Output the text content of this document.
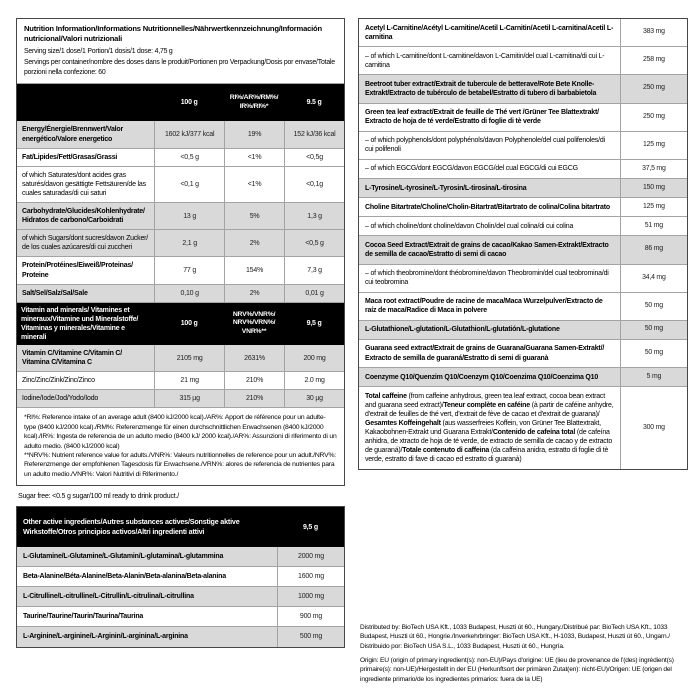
Nutrition Information/​Informations Nutritionnelles/​Nährwertkennzeichnung/​Información nutricional/​Valori nutrizionali
Serving size/​1 dose/​1 Portion/​1 dosis/​1 dose: 4,75 g
Servings per container/​nombre des doses dans le produit/​Portionen pro Verpackung/​Dosis por envase/​Totale porzioni nella confezione: 60
100 g
RI%/​AR%/​RM%/​IR%/​RI%*
9.5 g
Energy/​Énergie/​Brennwert/​Valor energético/​Valore energetico
1602 kJ/​377 kcal	19%	152 kJ/​36 kcal
Fat/​Lipides/​Fett/​Grasas/​Grassi	<0,5 g	<1%	<0,5g
of which Saturates/​dont acides gras saturés/​davon gesättigte Fettsäuren/​de las cuales saturadas/​di cui saturi
<0,1 g	<1%	<0,1g
Carbohydrate/​Glucides/​Kohlenhydrate/​Hidratos de carbono/​Carboidrati
13 g	5%	1,3 g
of which Sugars/​dont sucres/​davon Zucker/​de los cuales azúcares/​di cui zuccheri
2,1 g	2%	<0,5 g
Protein/​Protéines/​Eiweiß/​Proteinas/​Proteine
77 g	154%	7,3 g
Salt/​Sel/​Salz/​Sal/​Sale	0,10 g	2%	0,01 g
Vitamin and minerals/​ Vitamines et mineraux/​Vitamine und Mineralstoffe/​Vitaminas y minerales/​Vitamine e minerali
100 g
NRV%/​VNR%/​NRV%/​VRN%/​VNR%**
9,5 g
Vitamin C/​Vitamine C/​Vitamin C/​Vitamina C/​Vitamina C
2105 mg	2631%	200 mg
Zinc/​Zinc/​Zink/​Zinc/​Zinco	21 mg	210%	2.0 mg
Iodine/​Iode/​Jod/​Yodo/​Iodo	315 µg	210%	30 µg
*RI%: Reference intake of an average adult (8400 kJ/​2000 kcal)./​AR%: Apport de référence pour un adulte-type (8400 kJ/​2000 kcal)./​RM%: Referenzmenge für einen durchschnittlichen Erwachsenen (8400 kJ/​2000 kcal)./​IR%: Ingesta de referencia de un adulto medio (8400 kJ/​ 2000 kcal)./​AR%: Assunzioni di riferimento di un adulto medio. (8400 kJ/​2000 kcal)
**NRV%: Nutrient reference value for adults./​VNR%: Valeurs nutritionnelles de reference pour un adult./​NRV%: Referenzmenge der empfohlenen Tagesdosis für Erwachsene./​VRN%: alores de referencia de nutrientes para un adulto medio./​VNR%: Valori Nutritivi di Riferimento./​
Sugar free: <0.5 g sugar/​100 ml ready to drink product./​
Other active ingredients/​Autres substances actives/​Sonstige aktive Wirkstoffe/​Otros principios activos/​Altri ingredienti attivi
9,5 g
L-Glutamine/​L-Glutamine/​L-Glutamin/​L-glutamina/​L-glutammina	2000 mg
Beta-Alanine/​Béta-Alanine/​Beta-Alanin/​Beta-alanina/​Beta-alanina	1600 mg
L-Citrulline/​L-citrulline/​L-Citrullin/​L-citrulina/​L-citrullina	1000 mg
Taurine/​Taurine/​Taurin/​Taurina/​Taurina	900 mg
L-Arginine/​L-arginine/​L-Arginin/​L-arginina/​L-arginina	500 mg
Acetyl L-Carnitine/​Acétyl L-carnitine/​Acetil L-Carnitin/​Acetil L-carnitina/​Acetil L-carnitina
383 mg
– of which L-carnitine/​dont L-carnitine/​davon L-Carnitin/​del cual L-carnitina/​di cui L-carnitina
258 mg
Beetroot tuber extract/​Extrait de tubercule de betterave/​Rote Bete Knolle-Extrakt/​Extracto de tubérculo de betabel/​Estratto di tubero di barbabietola
250 mg
Green tea leaf extract/​Extrait de feuille de Thé vert /​Grüner Tee Blattextrakt/​Extracto de hoja de té verde/​Estratto di foglie di tè verde
250 mg
– of which polyphenols/​dont polyphénols/​davon Polyphenole/​del cual polifenoles/​di cui polifenoli
125 mg
– of which EGCG/​dont EGCG/​davon EGCG/​del cual EGCG/​di cui EGCG	37,5 mg
L-Tyrosine/​L-tyrosine/​L-Tyrosin/​L-tirosina/​L-tirosina	150 mg
Choline Bitartrate/​Choline/​Cholin-Bitartrat/​Bitartrato de colina/​Colina bitartrato	125 mg
– of which choline/​dont choline/​davon Cholin/​del cual colina/​di cui colina	51 mg
Cocoa Seed Extract/​Extrait de grains de cacao/​Kakao Samen-Extrakt/​Extracto de semilla de cacao/​Estratto di semi di cacao
86 mg
– of which theobromine/​dont théobromine/​davon Theobromin/​del cual teobromina/​di cui teobromina
34,4 mg
Maca root extract/​Poudre de racine de maca/​Maca Wurzelpulver/​Extracto de raíz de maca/​Radice di Maca in polvere
50 mg
L-Glutathione/​L-glutation/​L-Glutathion/​L-glutatión/​L-glutatione	50 mg
Guarana seed extract/​Extrait de grains de Guarana/​Guarana Samen-Extrakt/​/​Extracto de semilla de guaraná/​Estratto di semi di guaranà
50 mg
Coenzyme Q10/​Quenzim Q10/​Coenzym Q10/​Coenzima Q10/​Coenzima Q10	5 mg
Total caffeine (from caffeine anhydrous, green tea leaf extract, cocoa bean extract and guarana seed extract)/​Teneur complète en caféine (à partir de caféine anhydre, d'extrait de feuilles de thé vert, d'extrait de fève de cacao et d'extrait de guarana)/​Gesamtes Koffeingehalt (aus wasserfreies Koffein, von Grüner Tee Blattextrakt, Kakaobohnen-Extrakt und Guarana Extrakt/​Contenido de cafeína total (de cafeína anhidra, de xtracto de hoja de té verde, de extracto de semilla de cacao y de extracto de guaraná)/​Totale contenuto di caffeina (da caffeina anidra, estratto di foglie di tè verde, estratto di fave di cacao ed estratto di guaranà)
300 mg
Distributed by: BioTech USA Kft., 1033 Budapest, Huszti út 60., Hungary./​Distribué par: BioTech USA Kft., 1033 Budapest, Huszti út 60., Hongrie./​Inverkehrbringer: BioTech USA Kft., H-1033, Budapest, Huszti út 60., Ungarn./​Distribuido por: BioTech USA S.L., 1033 Budapest, Huszti út 60., Hungría.
Origin: EU (origin of primary ingredient(s): non-EU)/​Pays d'origine: UE (lieu de provenance de l'(des) ingrédient(s) primaire(s): non-UE)/​Hergestellt in der EU (Herkunftsort der primären Zutat(en): nicht-EU)/​Origen: UE (origen del ingrediente primario/​de los ingredientes primarios: fuera de la UE)
